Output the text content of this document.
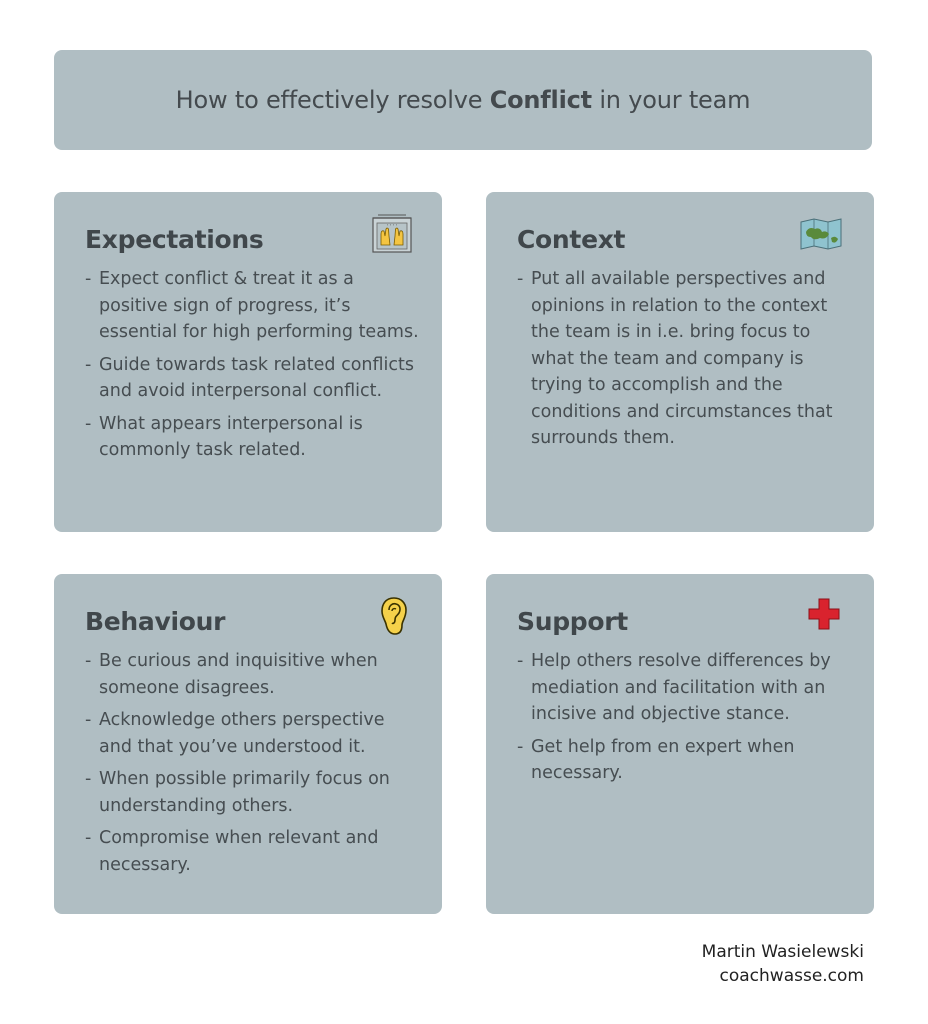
How to effectively resolve Conflict in your team
' ' ' '
Expectations
- Expect conflict & treat it as a positive sign of progress, it’s essential for high performing teams.
- Guide towards task related conflicts and avoid interpersonal conflict.
- What appears interpersonal is commonly task related.
Context
- Put all available perspectives and opinions in relation to the context the team is in i.e. bring focus to what the team and company is trying to accomplish and the conditions and circumstances that surrounds them.
Behaviour
- Be curious and inquisitive when someone disagrees.
- Acknowledge others perspective and that you’ve understood it.
- When possible primarily focus on understanding others.
- Compromise when relevant and necessary.
Support
- Help others resolve differences by mediation and facilitation with an incisive and objective stance.
- Get help from en expert when necessary.
Martin Wasielewski
coachwasse.com
